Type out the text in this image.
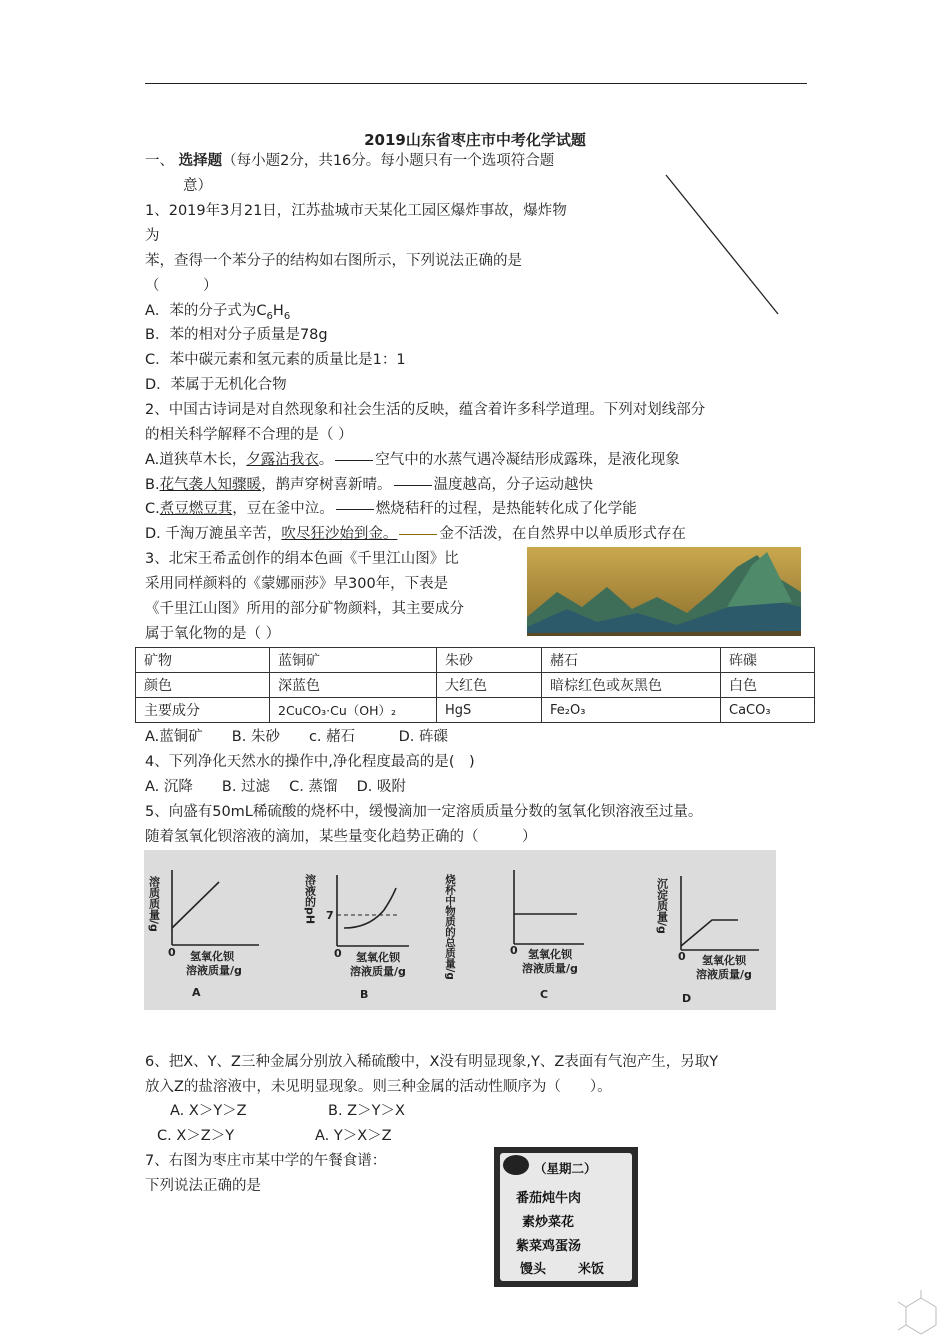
2019山东省枣庄市中考化学试题
一、 选择题（每小题2分，共16分。每小题只有一个选项符合题
意）
1、2019年3月21日，江苏盐城市天某化工园区爆炸事故，爆炸物
为
苯，查得一个苯分子的结构如右图所示，下列说法正确的是
（　　　）
A．苯的分子式为$C_6H_6$
B．苯的相对分子质量是78g
C．苯中碳元素和氢元素的质量比是1：1
D．苯属于无机化合物
2、中国古诗词是对自然现象和社会生活的反映，蕴含着许多科学道理。下列对划线部分
的相关科学解释不合理的是（ ）
A.道狭草木长，夕露沾我衣。	空气中的水蒸气遇冷凝结形成露珠，是液化现象
B.花气袭人知骤暖，鹊声穿树喜新晴。	温度越高，分子运动越快
C.煮豆燃豆萁，豆在釜中泣。	燃烧秸秆的过程，是热能转化成了化学能
D. 千淘万漉虽辛苦，吹尽狂沙始到金。	金不活泼，在自然界中以单质形式存在
3、北宋王希孟创作的绢本色画《千里江山图》比
采用同样颜料的《蒙娜丽莎》早300年，下表是
《千里江山图》所用的部分矿物颜料，其主要成分
属于氧化物的是（ ）
矿物	蓝铜矿	朱砂	赭石	砗磲
颜色	深蓝色	大红色	暗棕红色或灰黑色	白色
主要成分	2CuCO₃·Cu（OH）₂	HgS	Fe₂O₃	CaCO₃
A.蓝铜矿　　B. 朱砂　　c. 赭石　　　D. 砗磲
4、下列净化天然水的操作中,净化程度最高的是(　)
A. 沉降　　B. 过滤　 C. 蒸馏　 D. 吸附
5、向盛有50mL稀硫酸的烧杯中，缓慢滴加一定溶质质量分数的氢氧化钡溶液至过量。
随着氢氧化钡溶液的滴加，某些量变化趋势正确的（　　　）
溶质质量/g
0 氢氧化钡
溶液质量/g
A
溶液的pH 7
0 氢氧化钡
溶液质量/g
B
烧杯中物质的总质量/g	0 氢氧化钡
溶液质量/g
C
沉淀质量/g
0 氢氧化钡
溶液质量/g
D
6、把X、Y、Z三种金属分别放入稀硫酸中，X没有明显现象,Y、Z表面有气泡产生，另取Y
放入Z的盐溶液中，未见明显现象。则三种金属的活动性顺序为（　　）。
A. X＞Y＞Z	B. Z＞Y＞X
C. X＞Z＞Y	A. Y＞X＞Z
7、右图为枣庄市某中学的午餐食谱：
下列说法正确的是
（星期二）
番茄炖牛肉
素炒菜花
紫菜鸡蛋汤
馒头 米饭
